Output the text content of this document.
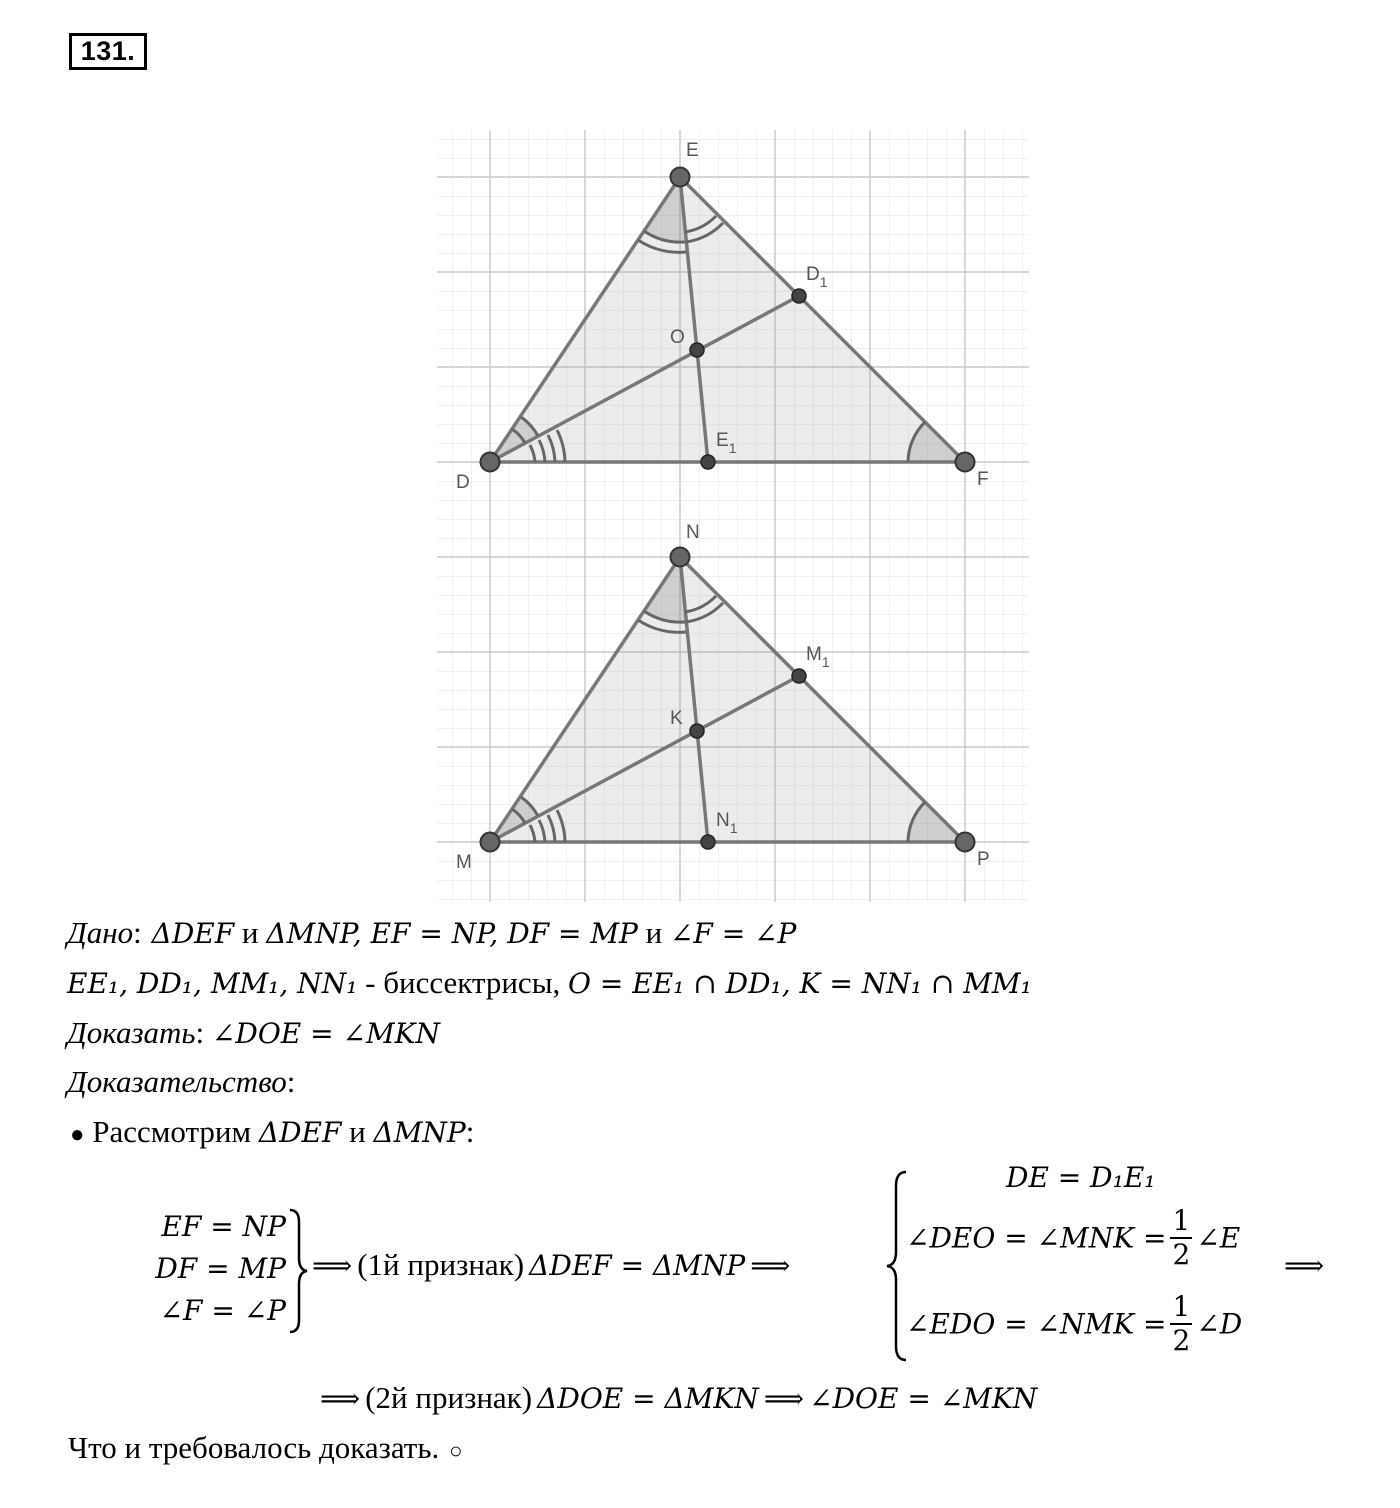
131.
E
$D_1$
O
$E_1$
D	F
N
$M_1$
K
$N_1$
M	P
Дано: ΔDEF и ΔMNP, EF = NP, DF = MP и ∠F = ∠P
EE₁, DD₁, MM₁, NN₁ - биссектрисы, O = EE₁ ∩ DD₁, K = NN₁ ∩ MM₁
Доказать: ∠DOE = ∠MKN
Доказательство:
● Рассмотрим ΔDEF и ΔMNP:
EF = NP
DF = MP
∠F = ∠P
⟹ (1й признак) ΔDEF = ΔMNP ⟹
DE = D₁E₁
∠DEO = ∠MNK = $\frac{1}{2}$ ∠E
∠EDO = ∠NMK = $\frac{1}{2}$ ∠D
⟹
⟹ (2й признак) ΔDOE = ΔMKN ⟹ ∠DOE = ∠MKN
Что и требовалось доказать. ○
